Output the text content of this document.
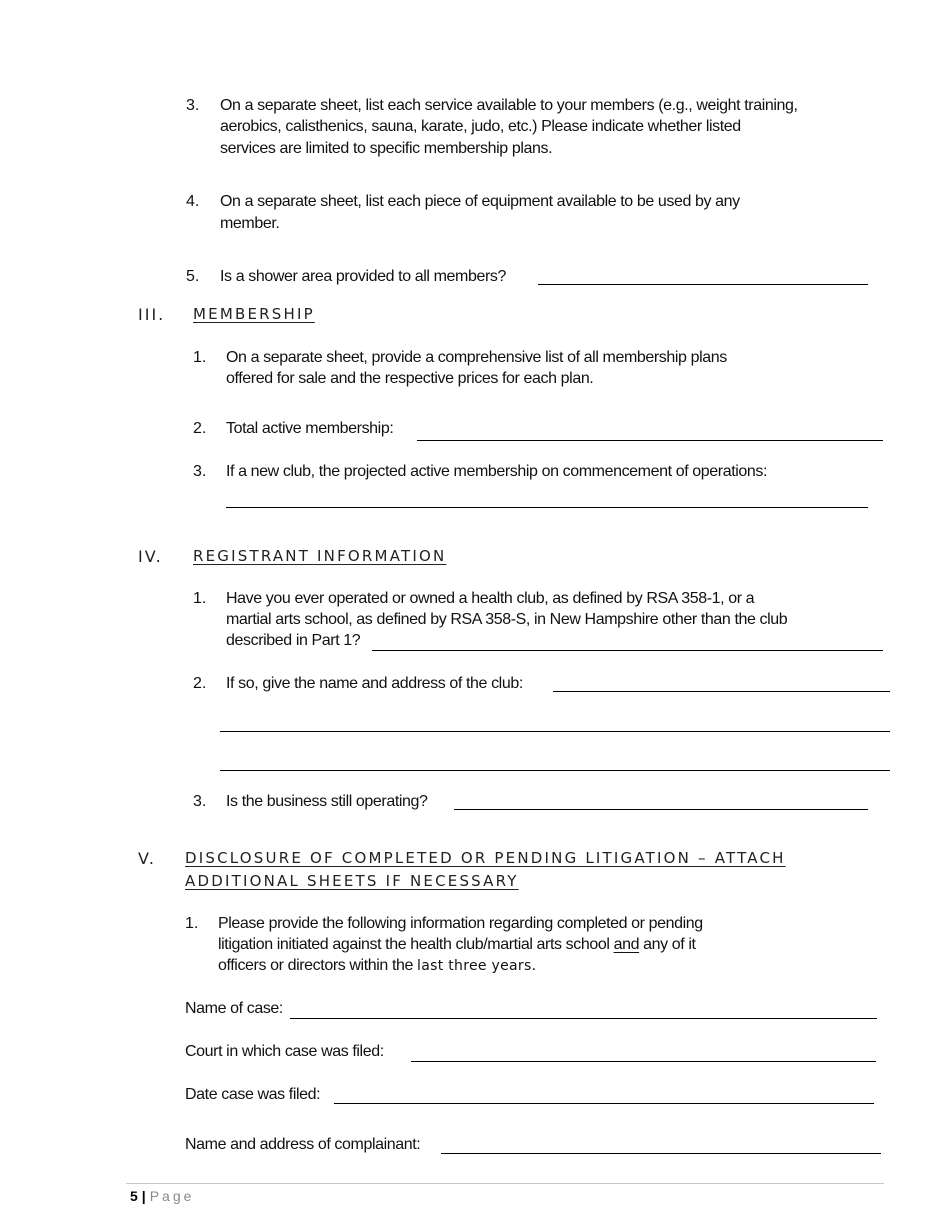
3. On a separate sheet, list each service available to your members (e.g., weight training,
aerobics, calisthenics, sauna, karate, judo, etc.) Please indicate whether listed
services are limited to specific membership plans.
4. On a separate sheet, list each piece of equipment available to be used by any
member.
5. Is a shower area provided to all members?
III. MEMBERSHIP
1. On a separate sheet, provide a comprehensive list of all membership plans
offered for sale and the respective prices for each plan.
2. Total active membership:
3. If a new club, the projected active membership on commencement of operations:
IV. REGISTRANT INFORMATION
1. Have you ever operated or owned a health club, as defined by RSA 358-1, or a
martial arts school, as defined by RSA 358-S, in New Hampshire other than the club
described in Part 1?
2. If so, give the name and address of the club:
3. Is the business still operating?
V. DISCLOSURE OF COMPLETED OR PENDING LITIGATION – ATTACH
ADDITIONAL SHEETS IF NECESSARY
1. Please provide the following information regarding completed or pending
litigation initiated against the health club/martial arts school and any of it
officers or directors within the last three years.
Name of case:
Court in which case was filed:
Date case was filed:
Name and address of complainant:
5 | Page
